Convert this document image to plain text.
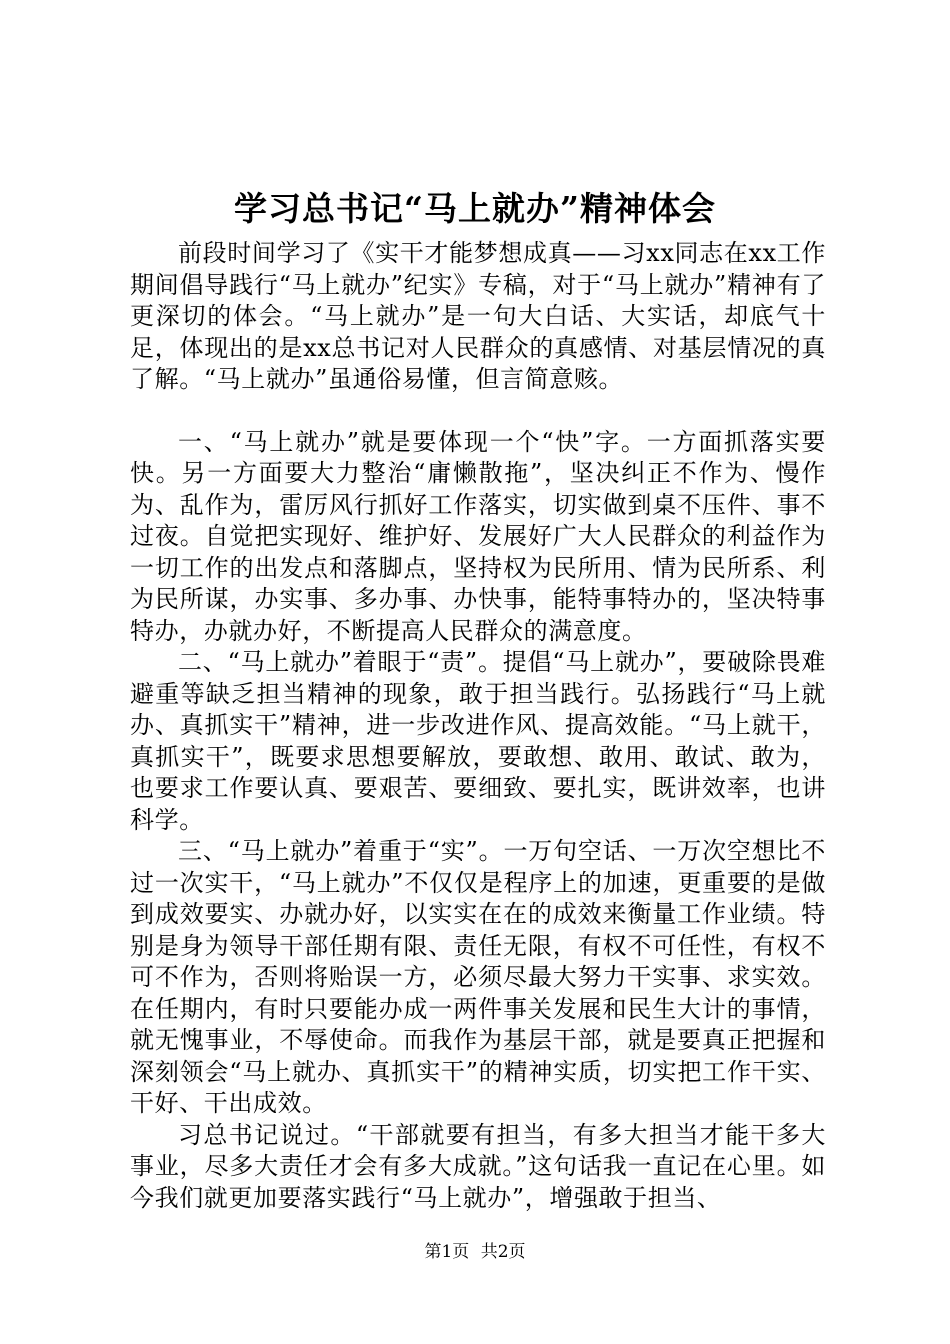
学习总书记“马上就办”精神体会

前段时间学习了《实干才能梦想成真——习xx同志在xx工作期间倡导践行“马上就办”纪实》专稿，对于“马上就办”精神有了更深切的体会。“马上就办”是一句大白话、大实话，却底气十足，体现出的是xx总书记对人民群众的真感情、对基层情况的真了解。“马上就办”虽通俗易懂，但言简意赅。

一、“马上就办”就是要体现一个“快”字。一方面抓落实要快。另一方面要大力整治“庸懒散拖”，坚决纠正不作为、慢作为、乱作为，雷厉风行抓好工作落实，切实做到桌不压件、事不过夜。自觉把实现好、维护好、发展好广大人民群众的利益作为一切工作的出发点和落脚点，坚持权为民所用、情为民所系、利为民所谋，办实事、多办事、办快事，能特事特办的，坚决特事特办，办就办好，不断提高人民群众的满意度。

二、“马上就办”着眼于“责”。提倡“马上就办”，要破除畏难避重等缺乏担当精神的现象，敢于担当践行。弘扬践行“马上就办、真抓实干”精神，进一步改进作风、提高效能。“马上就干，真抓实干”，既要求思想要解放，要敢想、敢用、敢试、敢为，也要求工作要认真、要艰苦、要细致、要扎实，既讲效率，也讲科学。

三、“马上就办”着重于“实”。一万句空话、一万次空想比不过一次实干，“马上就办”不仅仅是程序上的加速，更重要的是做到成效要实、办就办好，以实实在在的成效来衡量工作业绩。特别是身为领导干部任期有限、责任无限，有权不可任性，有权不可不作为，否则将贻误一方，必须尽最大努力干实事、求实效。在任期内，有时只要能办成一两件事关发展和民生大计的事情，就无愧事业，不辱使命。而我作为基层干部，就是要真正把握和深刻领会“马上就办、真抓实干”的精神实质，切实把工作干实、干好、干出成效。

习总书记说过。“干部就要有担当，有多大担当才能干多大事业，尽多大责任才会有多大成就。”这句话我一直记在心里。如今我们就更加要落实践行“马上就办”，增强敢于担当、

第1页 共2页
